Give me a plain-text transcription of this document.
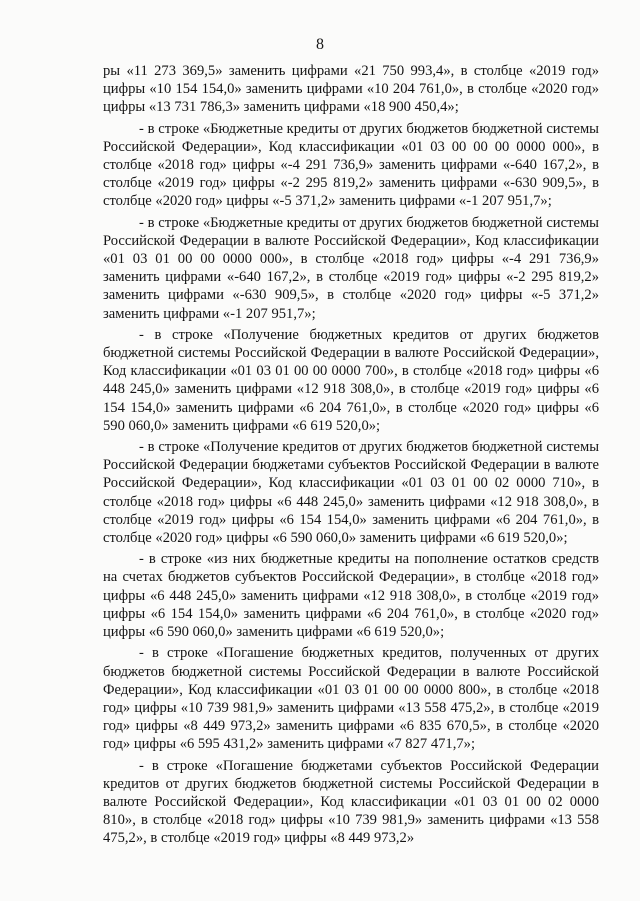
8

ры «11 273 369,5» заменить цифрами «21 750 993,4», в столбце «2019 год» цифры «10 154 154,0» заменить цифрами «10 204 761,0», в столбце «2020 год» цифры «13 731 786,3» заменить цифрами «18 900 450,4»;

- в строке «Бюджетные кредиты от других бюджетов бюджетной системы Российской Федерации», Код классификации «01 03 00 00 00 0000 000», в столбце «2018 год» цифры «-4 291 736,9» заменить цифрами «-640 167,2», в столбце «2019 год» цифры «-2 295 819,2» заменить цифрами «-630 909,5», в столбце «2020 год» цифры «-5 371,2» заменить цифрами «-1 207 951,7»;

- в строке «Бюджетные кредиты от других бюджетов бюджетной системы Российской Федерации в валюте Российской Федерации», Код классификации «01 03 01 00 00 0000 000», в столбце «2018 год» цифры «-4 291 736,9» заменить цифрами «-640 167,2», в столбце «2019 год» цифры «-2 295 819,2» заменить цифрами «-630 909,5», в столбце «2020 год» цифры «-5 371,2» заменить цифрами «-1 207 951,7»;

- в строке «Получение бюджетных кредитов от других бюджетов бюджетной системы Российской Федерации в валюте Российской Федерации», Код классификации «01 03 01 00 00 0000 700», в столбце «2018 год» цифры «6 448 245,0» заменить цифрами «12 918 308,0», в столбце «2019 год» цифры «6 154 154,0» заменить цифрами «6 204 761,0», в столбце «2020 год» цифры «6 590 060,0» заменить цифрами «6 619 520,0»;

- в строке «Получение кредитов от других бюджетов бюджетной системы Российской Федерации бюджетами субъектов Российской Федерации в валюте Российской Федерации», Код классификации «01 03 01 00 02 0000 710», в столбце «2018 год» цифры «6 448 245,0» заменить цифрами «12 918 308,0», в столбце «2019 год» цифры «6 154 154,0» заменить цифрами «6 204 761,0», в столбце «2020 год» цифры «6 590 060,0» заменить цифрами «6 619 520,0»;

- в строке «из них бюджетные кредиты на пополнение остатков средств на счетах бюджетов субъектов Российской Федерации», в столбце «2018 год» цифры «6 448 245,0» заменить цифрами «12 918 308,0», в столбце «2019 год» цифры «6 154 154,0» заменить цифрами «6 204 761,0», в столбце «2020 год» цифры «6 590 060,0» заменить цифрами «6 619 520,0»;

- в строке «Погашение бюджетных кредитов, полученных от других бюджетов бюджетной системы Российской Федерации в валюте Российской Федерации», Код классификации «01 03 01 00 00 0000 800», в столбце «2018 год» цифры «10 739 981,9» заменить цифрами «13 558 475,2», в столбце «2019 год» цифры «8 449 973,2» заменить цифрами «6 835 670,5», в столбце «2020 год» цифры «6 595 431,2» заменить цифрами «7 827 471,7»;

- в строке «Погашение бюджетами субъектов Российской Федерации кредитов от других бюджетов бюджетной системы Российской Федерации в валюте Российской Федерации», Код классификации «01 03 01 00 02 0000 810», в столбце «2018 год» цифры «10 739 981,9» заменить цифрами «13 558 475,2», в столбце «2019 год» цифры «8 449 973,2»
